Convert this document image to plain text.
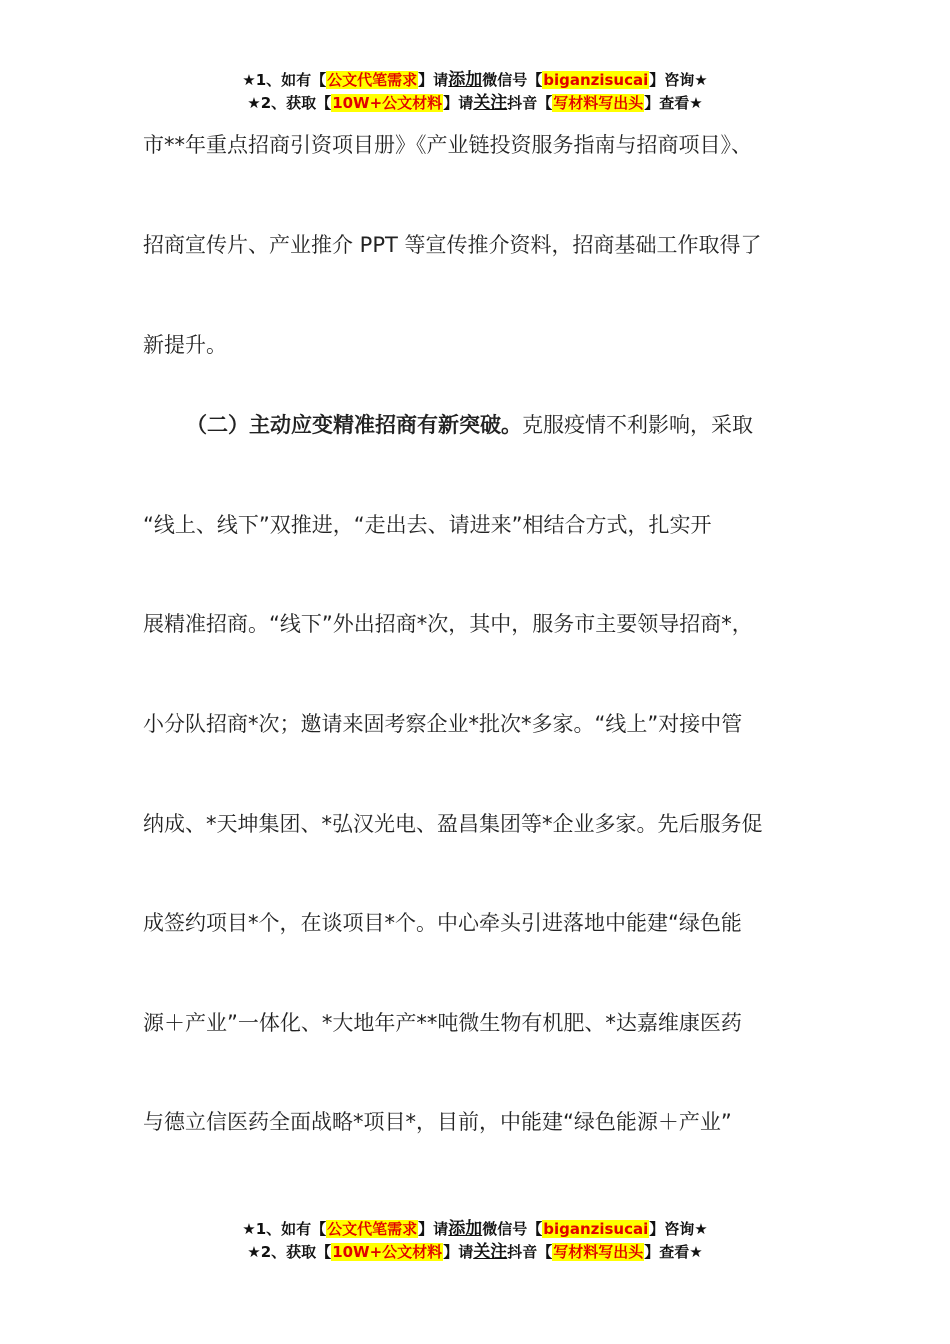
★1、如有【公文代笔需求】请添加微信号【biganzisucai】咨询★
★2、获取【10W+公文材料】请关注抖音【写材料写出头】查看★
市**年重点招商引资项目册》《产业链投资服务指南与招商项目》、
招商宣传片、产业推介 PPT 等宣传推介资料，招商基础工作取得了
新提升。
（二）主动应变精准招商有新突破。克服疫情不利影响，采取
“线上、线下”双推进，“走出去、请进来”相结合方式，扎实开
展精准招商。“线下”外出招商*次，其中，服务市主要领导招商*，
小分队招商*次；邀请来固考察企业*批次*多家。“线上”对接中管
纳成、*天坤集团、*弘汉光电、盈昌集团等*企业多家。先后服务促
成签约项目*个，在谈项目*个。中心牵头引进落地中能建“绿色能
源＋产业”一体化、*大地年产**吨微生物有机肥、*达嘉维康医药
与德立信医药全面战略*项目*，目前，中能建“绿色能源＋产业”
★1、如有【公文代笔需求】请添加微信号【biganzisucai】咨询★
★2、获取【10W+公文材料】请关注抖音【写材料写出头】查看★
